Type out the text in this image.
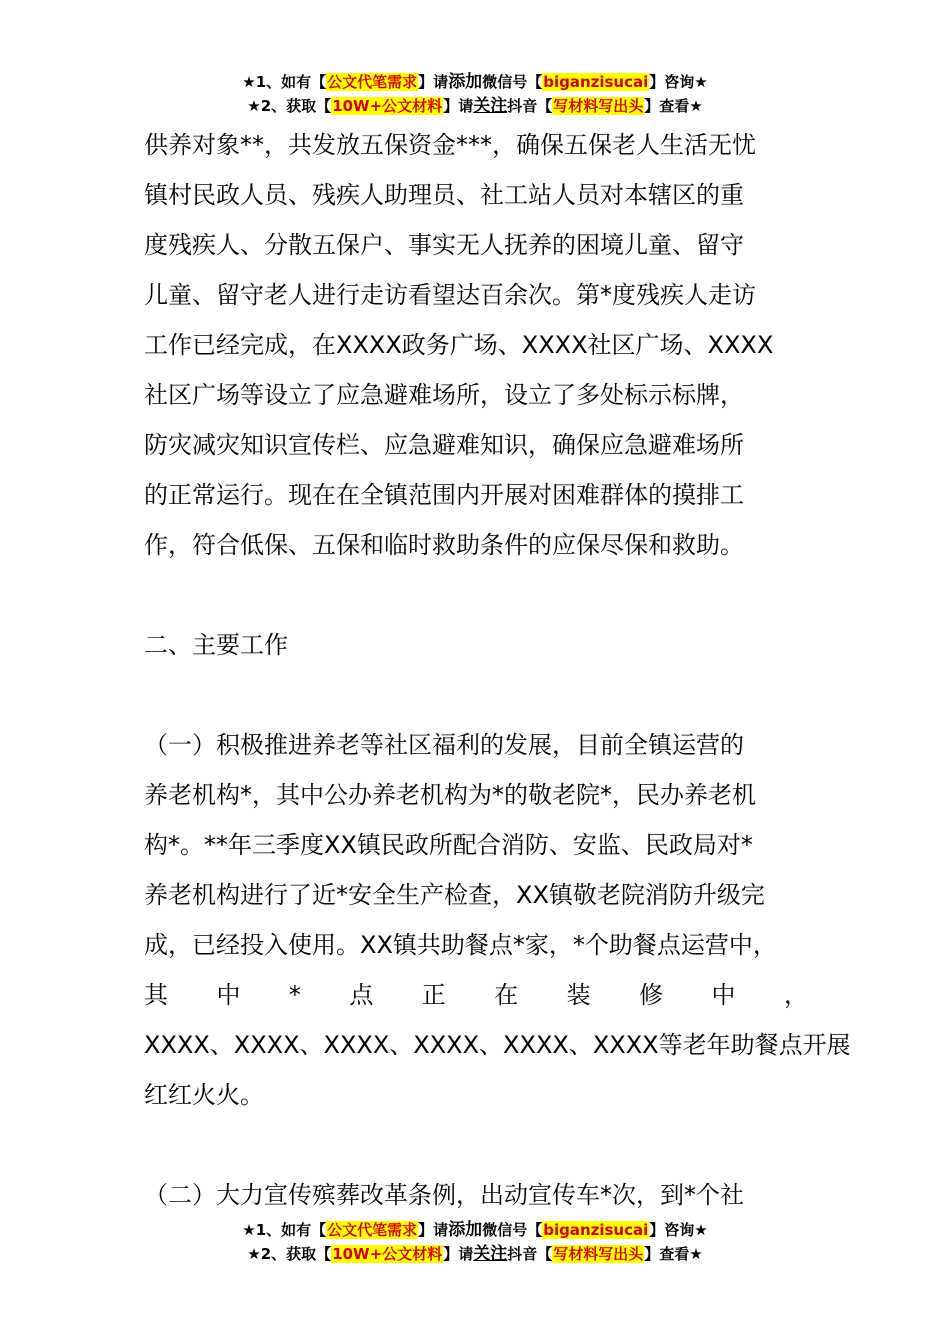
★1、如有【公文代笔需求】请添加微信号【biganzisucai】咨询★
★2、获取【10W+公文材料】请关注抖音【写材料写出头】查看★

供养对象**，共发放五保资金***，确保五保老人生活无忧

镇村民政人员、残疾人助理员、社工站人员对本辖区的重

度残疾人、分散五保户、事实无人抚养的困境儿童、留守

儿童、留守老人进行走访看望达百余次。第*度残疾人走访

工作已经完成，在XXXX政务广场、XXXX社区广场、XXXX

社区广场等设立了应急避难场所，设立了多处标示标牌，

防灾减灾知识宣传栏、应急避难知识，确保应急避难场所

的正常运行。现在在全镇范围内开展对困难群体的摸排工

作，符合低保、五保和临时救助条件的应保尽保和救助。

二、主要工作

（一）积极推进养老等社区福利的发展，目前全镇运营的

养老机构*，其中公办养老机构为*的敬老院*，民办养老机

构*。**年三季度XX镇民政所配合消防、安监、民政局对*

养老机构进行了近*安全生产检查，XX镇敬老院消防升级完

成，已经投入使用。XX镇共助餐点*家，*个助餐点运营中，

其 中 * 点 正 在 装 修 中 ，

XXXX、XXXX、XXXX、XXXX、XXXX、XXXX等老年助餐点开展

红红火火。

（二）大力宣传殡葬改革条例，出动宣传车*次，到*个社

★1、如有【公文代笔需求】请添加微信号【biganzisucai】咨询★
★2、获取【10W+公文材料】请关注抖音【写材料写出头】查看★
